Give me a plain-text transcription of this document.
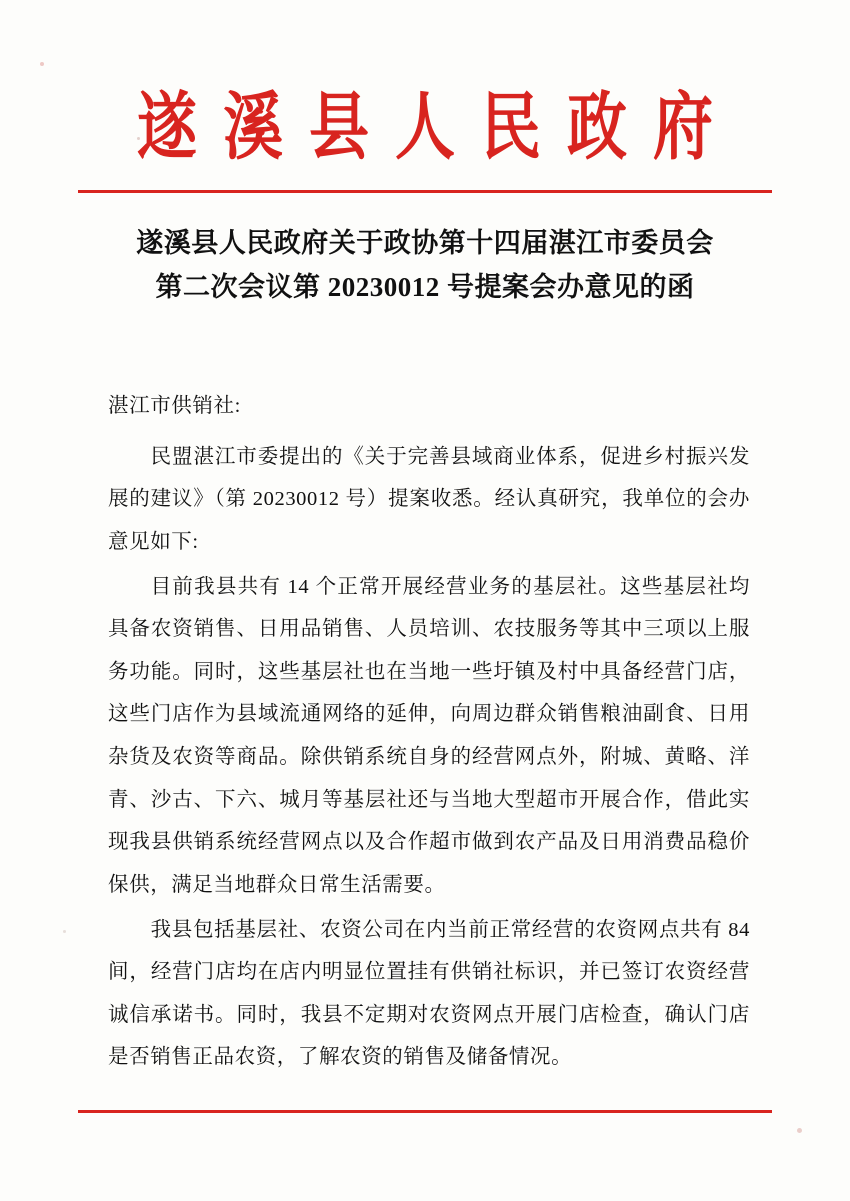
遂溪县人民政府
遂溪县人民政府关于政协第十四届湛江市委员会
第二次会议第 20230012 号提案会办意见的函

湛江市供销社:

民盟湛江市委提出的《关于完善县域商业体系，促进乡村振兴发展的建议》（第 20230012 号）提案收悉。经认真研究，我单位的会办意见如下:

目前我县共有 14 个正常开展经营业务的基层社。这些基层社均具备农资销售、日用品销售、人员培训、农技服务等其中三项以上服务功能。同时，这些基层社也在当地一些圩镇及村中具备经营门店，这些门店作为县域流通网络的延伸，向周边群众销售粮油副食、日用杂货及农资等商品。除供销系统自身的经营网点外，附城、黄略、洋青、沙古、下六、城月等基层社还与当地大型超市开展合作，借此实现我县供销系统经营网点以及合作超市做到农产品及日用消费品稳价保供，满足当地群众日常生活需要。

我县包括基层社、农资公司在内当前正常经营的农资网点共有 84 间，经营门店均在店内明显位置挂有供销社标识，并已签订农资经营诚信承诺书。同时，我县不定期对农资网点开展门店检查，确认门店是否销售正品农资，了解农资的销售及储备情况。
